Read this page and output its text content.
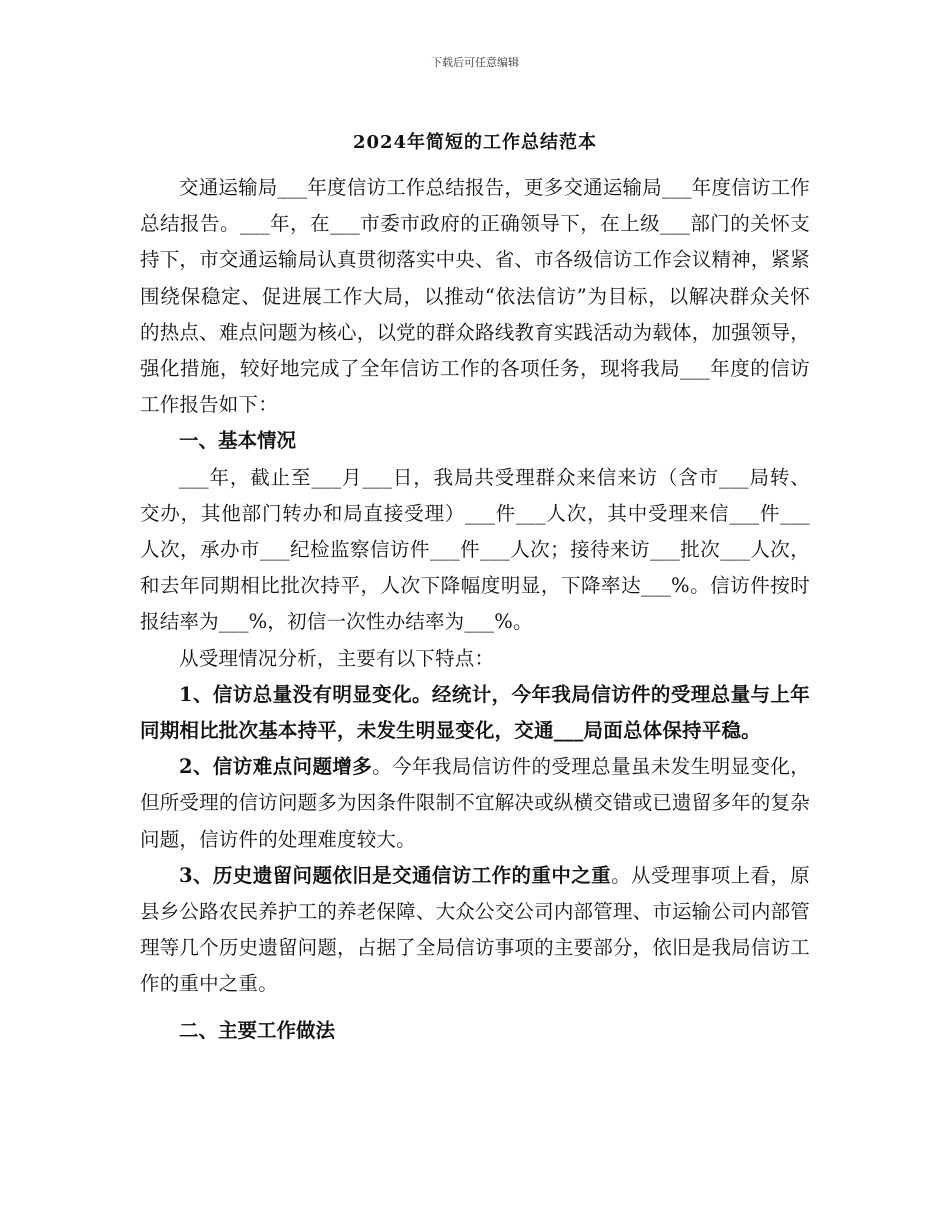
下载后可任意编辑
2024年简短的工作总结范本

交通运输局___年度信访工作总结报告，更多交通运输局___年度信访工作总结报告。___年，在___市委市政府的正确领导下，在上级___部门的关怀支持下，市交通运输局认真贯彻落实中央、省、市各级信访工作会议精神，紧紧围绕保稳定、促进展工作大局，以推动“依法信访”为目标，以解决群众关怀的热点、难点问题为核心，以党的群众路线教育实践活动为载体，加强领导，强化措施，较好地完成了全年信访工作的各项任务，现将我局___年度的信访工作报告如下：

一、基本情况

___年，截止至___月___日，我局共受理群众来信来访（含市___局转、交办，其他部门转办和局直接受理）___件___人次，其中受理来信___件___人次，承办市___纪检监察信访件___件___人次；接待来访___批次___人次，和去年同期相比批次持平，人次下降幅度明显，下降率达___%。信访件按时报结率为___%，初信一次性办结率为___%。

从受理情况分析，主要有以下特点：

1、信访总量没有明显变化。经统计，今年我局信访件的受理总量与上年同期相比批次基本持平，未发生明显变化，交通___局面总体保持平稳。

2、信访难点问题增多。今年我局信访件的受理总量虽未发生明显变化，但所受理的信访问题多为因条件限制不宜解决或纵横交错或已遗留多年的复杂问题，信访件的处理难度较大。

3、历史遗留问题依旧是交通信访工作的重中之重。从受理事项上看，原县乡公路农民养护工的养老保障、大众公交公司内部管理、市运输公司内部管理等几个历史遗留问题，占据了全局信访事项的主要部分，依旧是我局信访工作的重中之重。

二、主要工作做法
